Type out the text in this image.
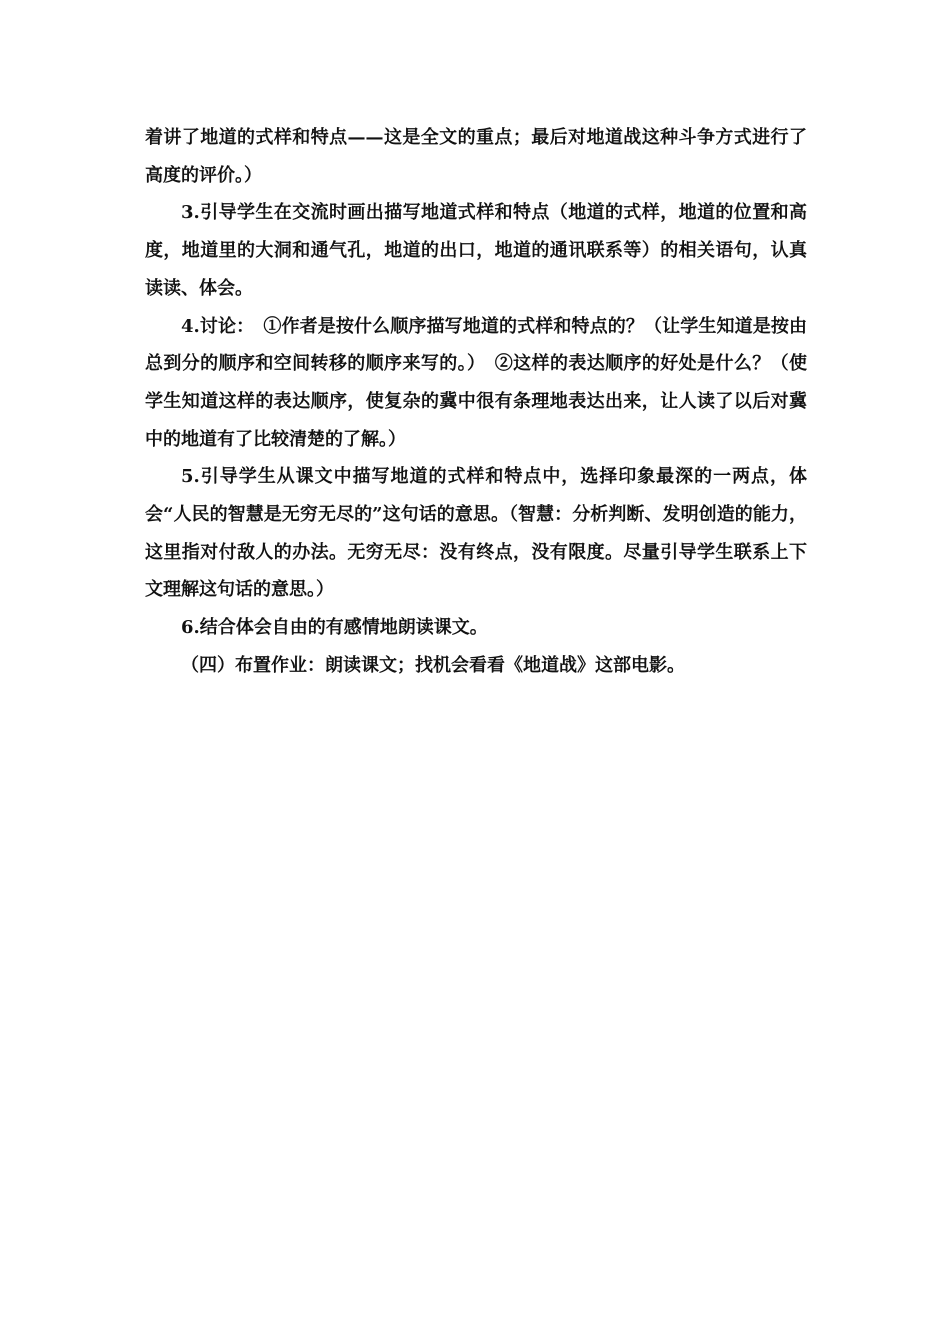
着讲了地道的式样和特点——这是全文的重点；最后对地道战这种斗争方式进行了高度的评价。）

3.引导学生在交流时画出描写地道式样和特点（地道的式样，地道的位置和高度，地道里的大洞和通气孔，地道的出口，地道的通讯联系等）的相关语句，认真读读、体会。

4.讨论：　①作者是按什么顺序描写地道的式样和特点的？（让学生知道是按由总到分的顺序和空间转移的顺序来写的。）　②这样的表达顺序的好处是什么？（使学生知道这样的表达顺序，使复杂的冀中很有条理地表达出来，让人读了以后对冀中的地道有了比较清楚的了解。）

5.引导学生从课文中描写地道的式样和特点中，选择印象最深的一两点，体会“人民的智慧是无穷无尽的”这句话的意思。（智慧：分析判断、发明创造的能力，这里指对付敌人的办法。无穷无尽：没有终点，没有限度。尽量引导学生联系上下文理解这句话的意思。）

6.结合体会自由的有感情地朗读课文。

（四）布置作业：朗读课文；找机会看看《地道战》这部电影。
